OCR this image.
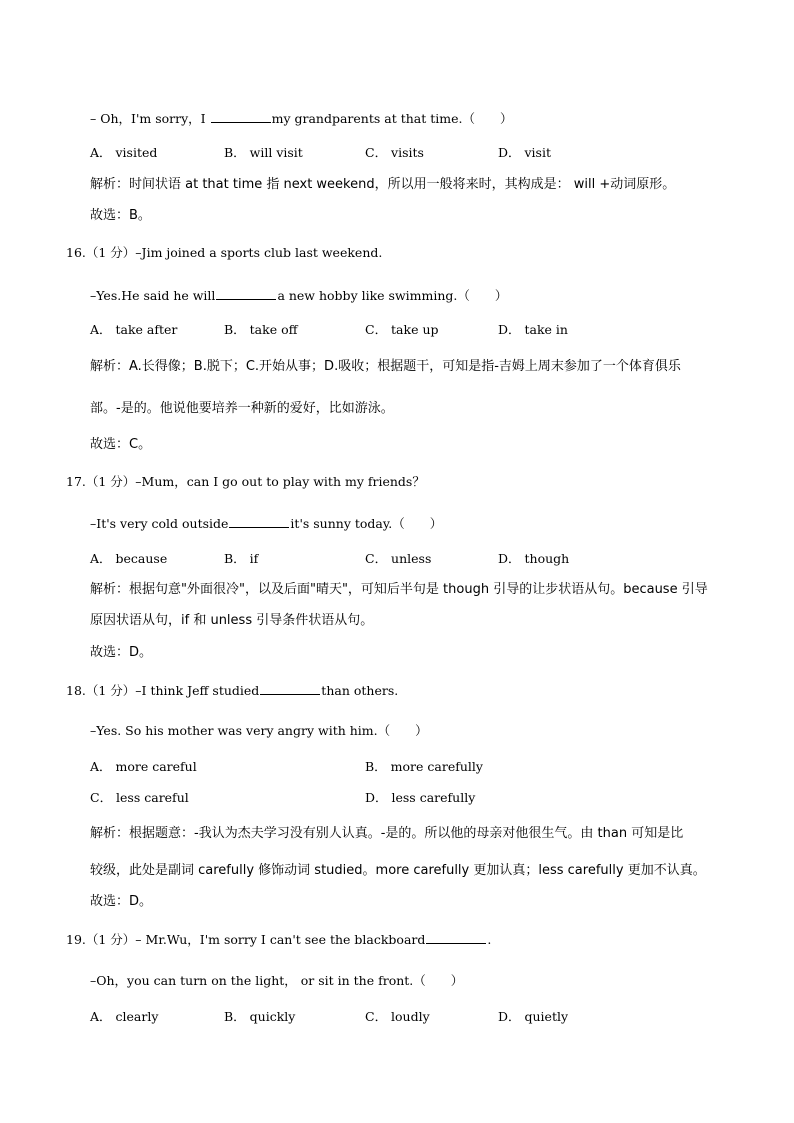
– Oh，I'm sorry，I	my grandparents at that time.（　　）
A． visited	B． will visit	C． visits	D． visit
解析：时间状语 at that time 指 next weekend，所以用一般将来时，其构成是： will +动词原形。
故选：B。
16.（1 分）–Jim joined a sports club last weekend.
–Yes.He said he will	a new hobby like swimming.（　　）
A． take after	B． take off	C． take up	D． take in
解析：A.长得像；B.脱下；C.开始从事；D.吸收；根据题干，可知是指-吉姆上周末参加了一个体育俱乐
部。-是的。他说他要培养一种新的爱好，比如游泳。
故选：C。
17.（1 分）–Mum，can I go out to play with my friends？
–It's very cold outside	it's sunny today.（　　）
A． because	B． if	C． unless	D． though
解析：根据句意"外面很冷"，以及后面"晴天"，可知后半句是 though 引导的让步状语从句。because 引导
原因状语从句，if 和 unless 引导条件状语从句。
故选：D。
18.（1 分）–I think Jeff studied	than others.
–Yes. So his mother was very angry with him.（　　）
A． more careful	B． more carefully
C． less careful	D． less carefully
解析：根据题意：-我认为杰夫学习没有别人认真。-是的。所以他的母亲对他很生气。由 than 可知是比
较级，此处是副词 carefully 修饰动词 studied。more carefully 更加认真；less carefully 更加不认真。
故选：D。
19.（1 分）– Mr.Wu，I'm sorry I can't see the blackboard	.
–Oh，you can turn on the light， or sit in the front.（　　）
A． clearly	B． quickly	C． loudly	D． quietly
